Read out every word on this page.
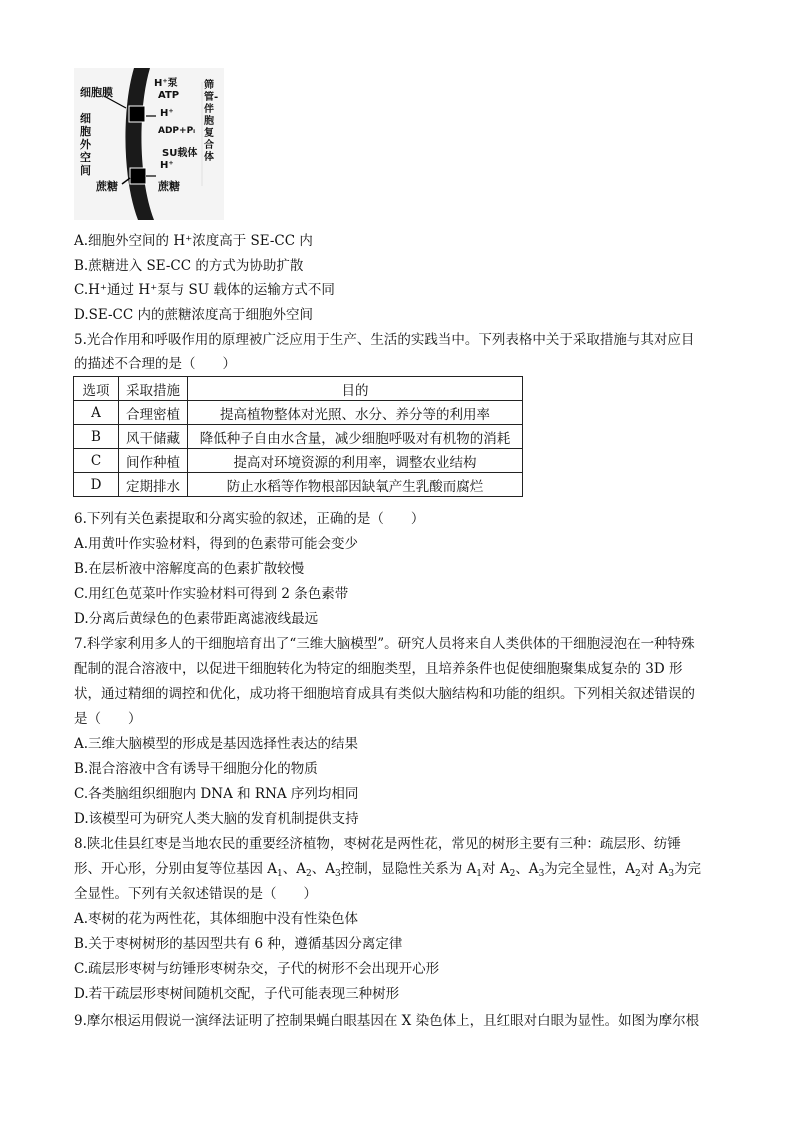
细胞膜
细胞外空间
筛管-伴胞复合体
H⁺泵
ATP
H⁺
ADP+Pᵢ
SU载体
H⁺
蔗糖	蔗糖
A.细胞外空间的 H⁺浓度高于 SE-CC 内
B.蔗糖进入 SE-CC 的方式为协助扩散
C.H⁺通过 H⁺泵与 SU 载体的运输方式不同
D.SE-CC 内的蔗糖浓度高于细胞外空间
5.光合作用和呼吸作用的原理被广泛应用于生产、生活的实践当中。下列表格中关于采取措施与其对应目
的描述不合理的是（　　）
选项	采取措施	目的
A	合理密植	提高植物整体对光照、水分、养分等的利用率
B	风干储藏	降低种子自由水含量，减少细胞呼吸对有机物的消耗
C	间作种植	提高对环境资源的利用率，调整农业结构
D	定期排水	防止水稻等作物根部因缺氧产生乳酸而腐烂
6.下列有关色素提取和分离实验的叙述，正确的是（　　）
A.用黄叶作实验材料，得到的色素带可能会变少
B.在层析液中溶解度高的色素扩散较慢
C.用红色苋菜叶作实验材料可得到 2 条色素带
D.分离后黄绿色的色素带距离滤液线最远
7.科学家利用多人的干细胞培育出了“三维大脑模型”。研究人员将来自人类供体的干细胞浸泡在一种特殊
配制的混合溶液中，以促进干细胞转化为特定的细胞类型，且培养条件也促使细胞聚集成复杂的 3D 形
状，通过精细的调控和优化，成功将干细胞培育成具有类似大脑结构和功能的组织。下列相关叙述错误的
是（　　）
A.三维大脑模型的形成是基因选择性表达的结果
B.混合溶液中含有诱导干细胞分化的物质
C.各类脑组织细胞内 DNA 和 RNA 序列均相同
D.该模型可为研究人类大脑的发育机制提供支持
8.陕北佳县红枣是当地农民的重要经济植物，枣树花是两性花，常见的树形主要有三种：疏层形、纺锤
形、开心形，分别由复等位基因 $A_1$、$A_2$、$A_3$控制，显隐性关系为 $A_1$对 $A_2$、$A_3$为完全显性，$A_2$对 $A_3$为完
全显性。下列有关叙述错误的是（　　）
A.枣树的花为两性花，其体细胞中没有性染色体
B.关于枣树树形的基因型共有 6 种，遵循基因分离定律
C.疏层形枣树与纺锤形枣树杂交，子代的树形不会出现开心形
D.若干疏层形枣树间随机交配，子代可能表现三种树形
9.摩尔根运用假说一演绎法证明了控制果蝇白眼基因在 X 染色体上，且红眼对白眼为显性。如图为摩尔根
